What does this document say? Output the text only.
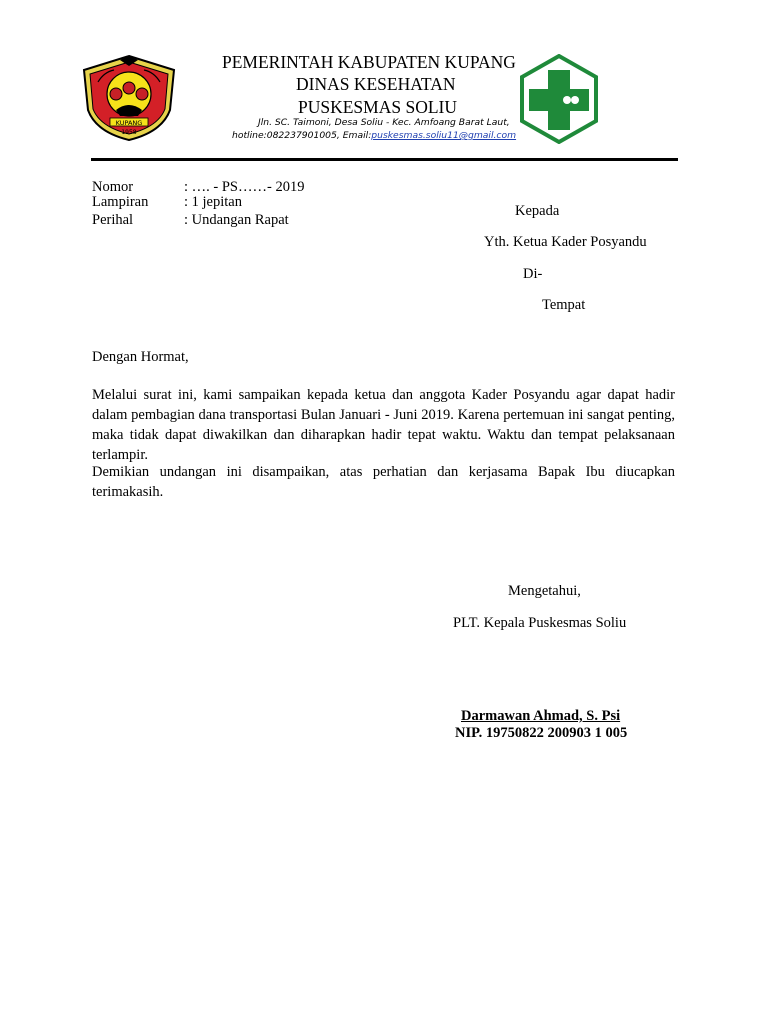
KUPANG
1958
PEMERINTAH KABUPATEN KUPANG
DINAS KESEHATAN
PUSKESMAS SOLIU
Jln. SC. Taimoni, Desa Soliu - Kec. Amfoang Barat Laut,
hotline:082237901005, Email:puskesmas.soliu11@gmail.com
Nomor	: …. - PS……- 2019
Lampiran : 1 jepitan
Perihal	: Undangan Rapat
Kepada
Yth. Ketua Kader Posyandu
Di-
Tempat
Dengan Hormat,
Melalui surat ini, kami sampaikan kepada ketua dan anggota Kader Posyandu agar dapat hadir dalam pembagian dana transportasi Bulan Januari - Juni 2019. Karena pertemuan ini sangat penting, maka tidak dapat diwakilkan dan diharapkan hadir tepat waktu. Waktu dan tempat pelaksanaan terlampir.
Demikian undangan ini disampaikan, atas perhatian dan kerjasama Bapak Ibu diucapkan terimakasih.
Mengetahui,
PLT. Kepala Puskesmas Soliu
Darmawan Ahmad, S. Psi
NIP. 19750822 200903 1 005
